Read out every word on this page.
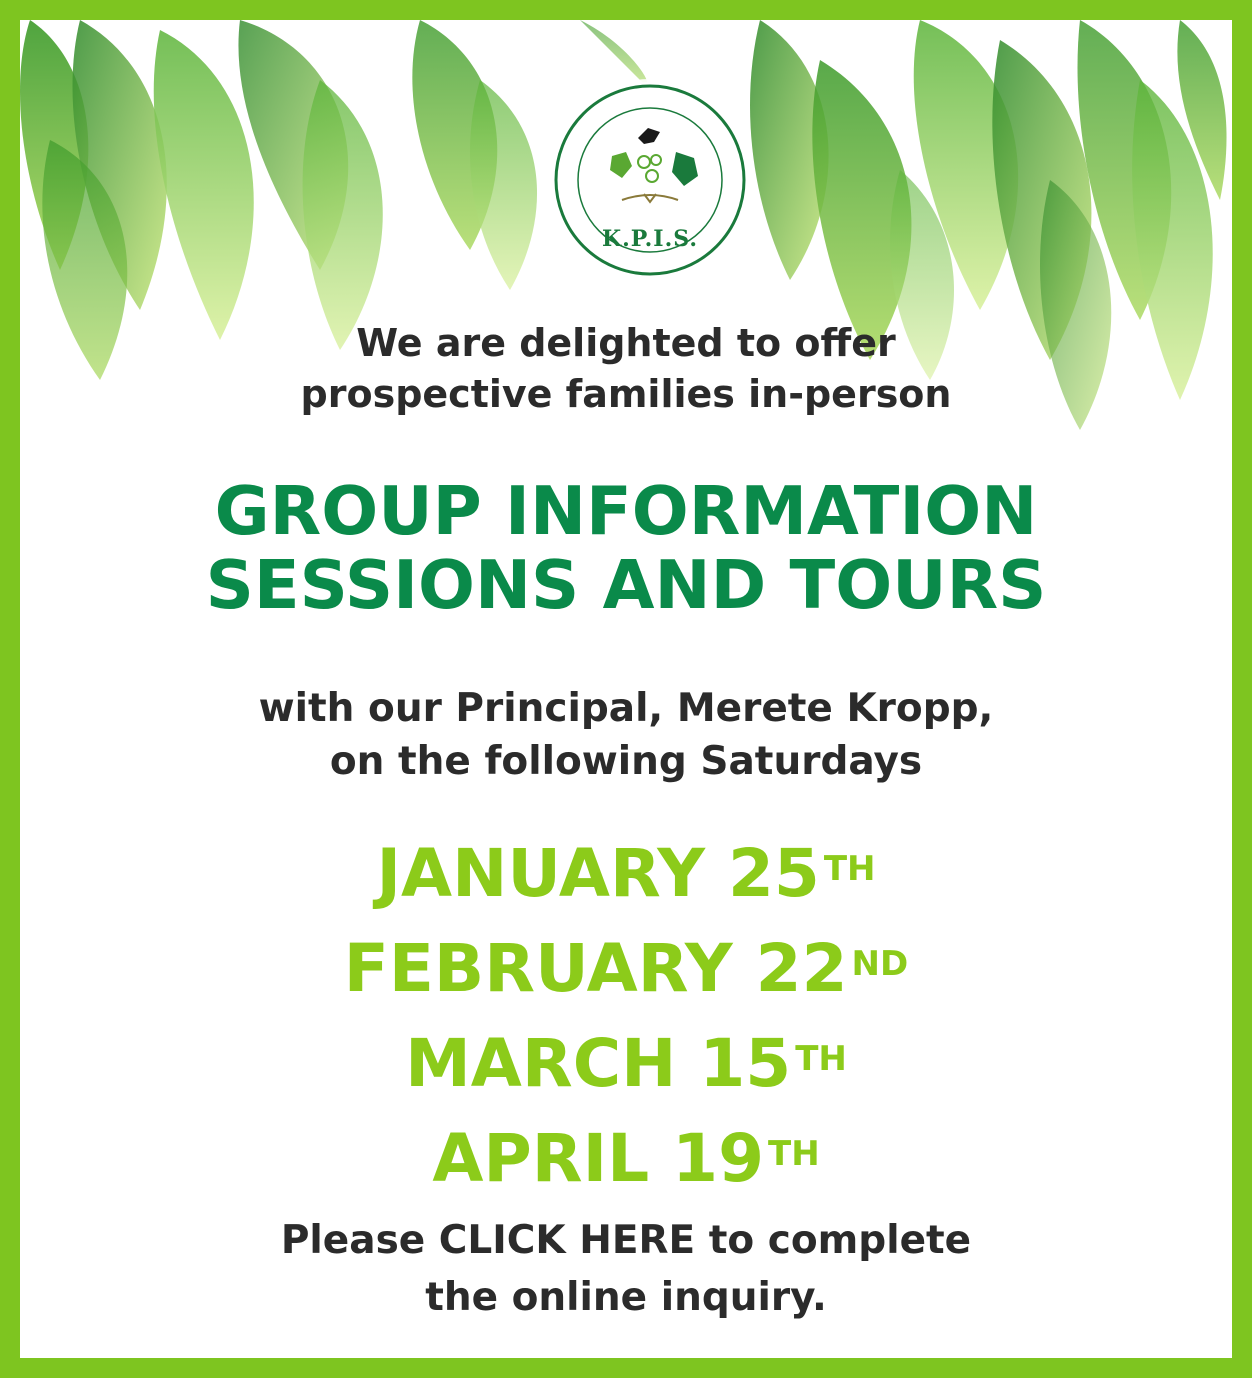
K.P.I.S.
We are delighted to offer
prospective families in-person
GROUP INFORMATION
SESSIONS AND TOURS
with our Principal, Merete Kropp,
on the following Saturdays
JANUARY 25 $^{TH}$
FEBRUARY 22 $^{ND}$
MARCH 15 $^{TH}$
APRIL 19 $^{TH}$
Please CLICK HERE to complete
the online inquiry.
